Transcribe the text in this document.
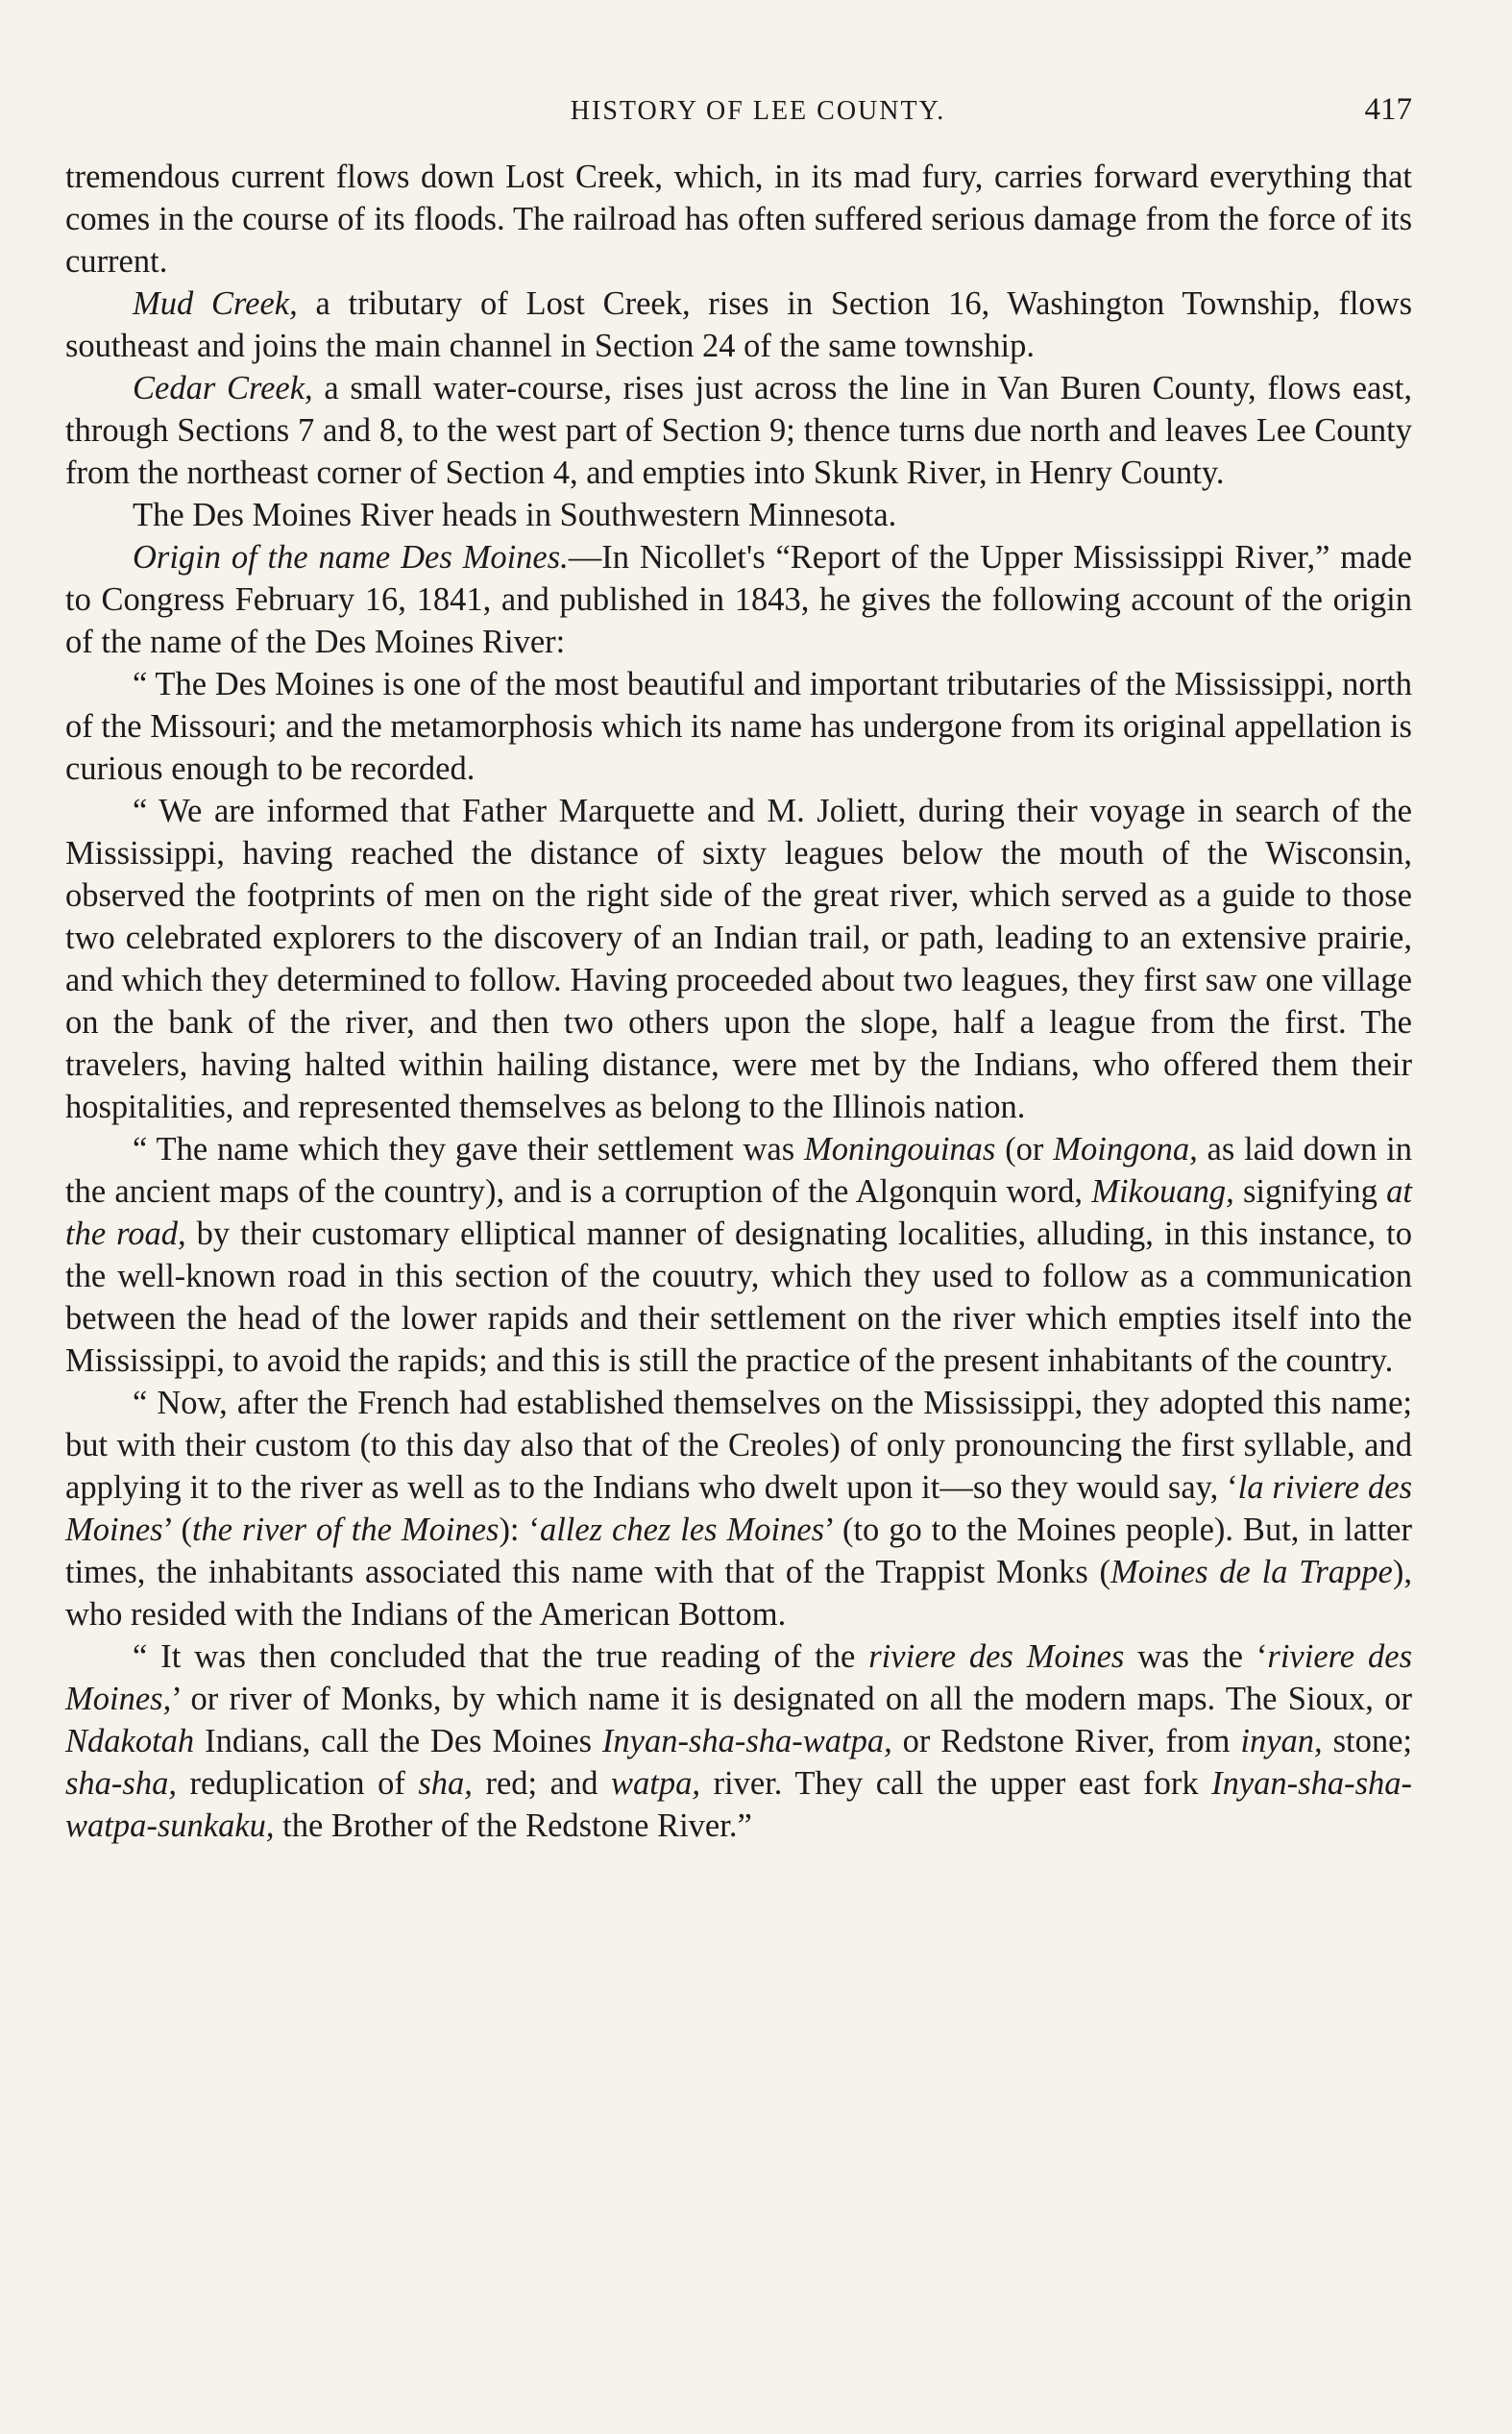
HISTORY OF LEE COUNTY.	417

tremendous current flows down Lost Creek, which, in its mad fury, carries forward everything that comes in the course of its floods. The railroad has often suffered serious damage from the force of its current.

Mud Creek, a tributary of Lost Creek, rises in Section 16, Washington Township, flows southeast and joins the main channel in Section 24 of the same township.

Cedar Creek, a small water-course, rises just across the line in Van Buren County, flows east, through Sections 7 and 8, to the west part of Section 9; thence turns due north and leaves Lee County from the northeast corner of Section 4, and empties into Skunk River, in Henry County.

The Des Moines River heads in Southwestern Minnesota.

Origin of the name Des Moines.—In Nicollet's “Report of the Upper Mississippi River,” made to Congress February 16, 1841, and published in 1843, he gives the following account of the origin of the name of the Des Moines River:

“ The Des Moines is one of the most beautiful and important tributaries of the Mississippi, north of the Missouri; and the metamorphosis which its name has undergone from its original appellation is curious enough to be recorded.

“ We are informed that Father Marquette and M. Joliett, during their voyage in search of the Mississippi, having reached the distance of sixty leagues below the mouth of the Wisconsin, observed the footprints of men on the right side of the great river, which served as a guide to those two celebrated explorers to the discovery of an Indian trail, or path, leading to an extensive prairie, and which they determined to follow. Having proceeded about two leagues, they first saw one village on the bank of the river, and then two others upon the slope, half a league from the first. The travelers, having halted within hailing distance, were met by the Indians, who offered them their hospitalities, and represented themselves as belong to the Illinois nation.

“ The name which they gave their settlement was Moningouinas (or Moingona, as laid down in the ancient maps of the country), and is a corruption of the Algonquin word, Mikouang, signifying at the road, by their customary elliptical manner of designating localities, alluding, in this instance, to the well-known road in this section of the couutry, which they used to follow as a communication between the head of the lower rapids and their settlement on the river which empties itself into the Mississippi, to avoid the rapids; and this is still the practice of the present inhabitants of the country.

“ Now, after the French had established themselves on the Mississippi, they adopted this name; but with their custom (to this day also that of the Creoles) of only pronouncing the first syllable, and applying it to the river as well as to the Indians who dwelt upon it—so they would say, ‘la riviere des Moines’ (the river of the Moines): ‘allez chez les Moines’ (to go to the Moines people). But, in latter times, the inhabitants associated this name with that of the Trappist Monks (Moines de la Trappe), who resided with the Indians of the American Bottom.

“ It was then concluded that the true reading of the riviere des Moines was the ‘riviere des Moines,’ or river of Monks, by which name it is designated on all the modern maps. The Sioux, or Ndakotah Indians, call the Des Moines Inyan-sha-sha-watpa, or Redstone River, from inyan, stone; sha-sha, reduplication of sha, red; and watpa, river. They call the upper east fork Inyan-sha-sha-watpa-sunkaku, the Brother of the Redstone River.”
